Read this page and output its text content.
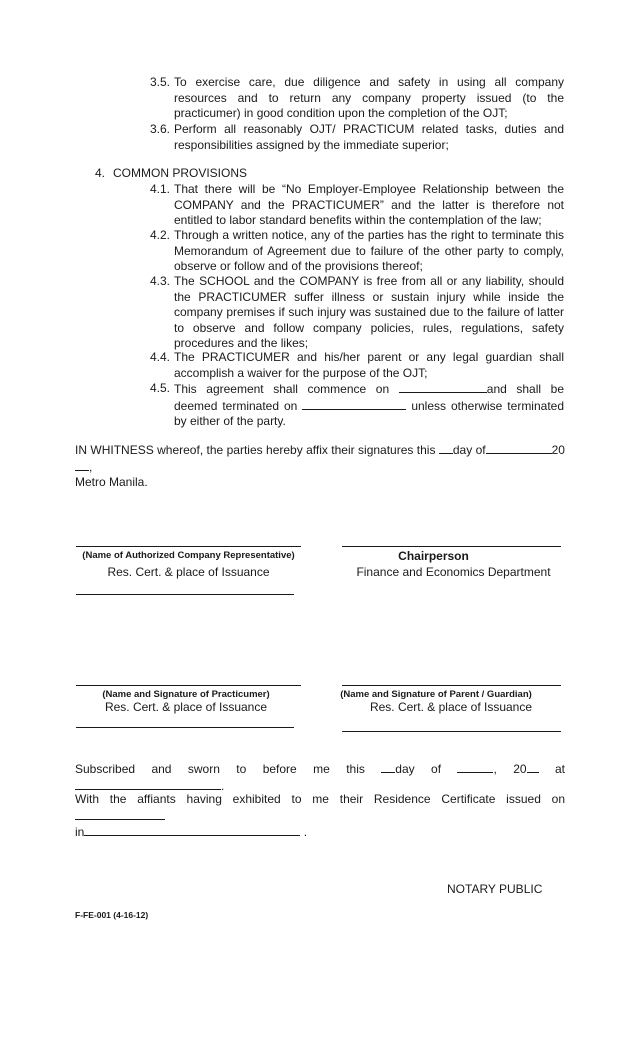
3.5. To exercise care, due diligence and safety in using all company resources and to return any company property issued (to the practicumer) in good condition upon the completion of the OJT;
3.6. Perform all reasonably OJT/ PRACTICUM related tasks, duties and responsibilities assigned by the immediate superior;
4. COMMON PROVISIONS
4.1. That there will be “No Employer-Employee Relationship between the COMPANY and the PRACTICUMER” and the latter is therefore not entitled to labor standard benefits within the contemplation of the law;
4.2. Through a written notice, any of the parties has the right to terminate this Memorandum of Agreement due to failure of the other party to comply, observe or follow and of the provisions thereof;
4.3. The SCHOOL and the COMPANY is free from all or any liability, should the PRACTICUMER suffer illness or sustain injury while inside the company premises if such injury was sustained due to the failure of latter to observe and follow company policies, rules, regulations, safety procedures and the likes;
4.4. The PRACTICUMER and his/her parent or any legal guardian shall accomplish a waiver for the purpose of the OJT;
4.5. This agreement shall commence on	and shall be deemed terminated on	unless otherwise terminated by either of the party.
IN WHITNESS whereof, the parties hereby affix their signatures this day of	20,
Metro Manila.
(Name of Authorized Company Representative)
Res. Cert. & place of Issuance
Chairperson
Finance and Economics Department
(Name and Signature of Practicumer)
Res. Cert. & place of Issuance
(Name and Signature of Parent / Guardian)
Res. Cert. & place of Issuance
Subscribed and sworn to before me this	day of	, 20 at.
With the affiants having exhibited to me their Residence Certificate issued on
in	.
NOTARY PUBLIC
F-FE-001 (4-16-12)
